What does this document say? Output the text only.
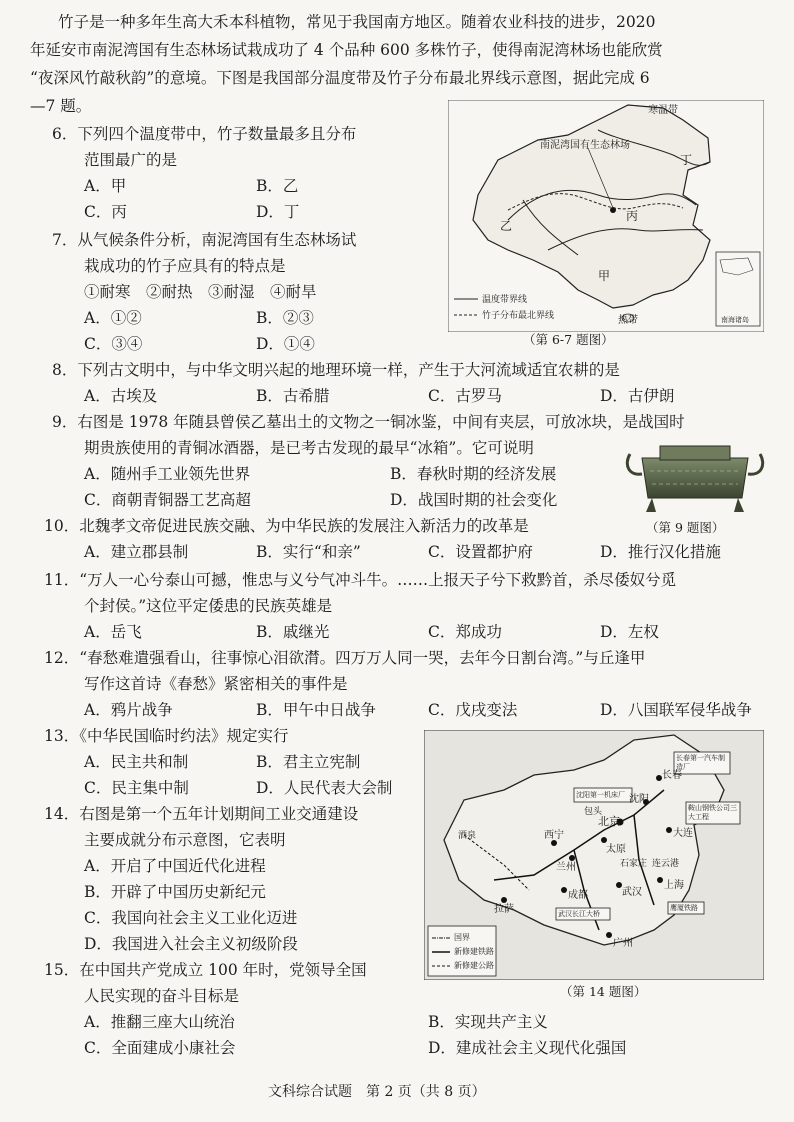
竹子是一种多年生高大禾本科植物，常见于我国南方地区。随着农业科技的进步，2020
年延安市南泥湾国有生态林场试栽成功了 4 个品种 600 多株竹子，使得南泥湾林场也能欣赏
“夜深风竹敲秋韵”的意境。下图是我国部分温度带及竹子分布最北界线示意图，据此完成 6
—7 题。
6．下列四个温度带中，竹子数量最多且分布
范围最广的是
A．甲	B．乙
C．丙	D．丁
7．从气候条件分析，南泥湾国有生态林场试
栽成功的竹子应具有的特点是
①耐寒　②耐热　③耐湿　④耐旱
A．①②	B．②③
C．③④	D．①④
寒温带
南泥湾国有生态林场
丁
乙
丙
甲
热带	南海诸岛
温度带界线
竹子分布最北界线
（第 6-7 题图）
8．下列古文明中，与中华文明兴起的地理环境一样，产生于大河流域适宜农耕的是
A．古埃及	B．古希腊	C．古罗马	D．古伊朗
9．右图是 1978 年随县曾侯乙墓出土的文物之一铜冰鉴，中间有夹层，可放冰块，是战国时
期贵族使用的青铜冰酒器，是已考古发现的最早“冰箱”。它可说明
A．随州手工业领先世界	B．春秋时期的经济发展
C．商朝青铜器工艺高超	D．战国时期的社会变化
（第 9 题图）
10．北魏孝文帝促进民族交融、为中华民族的发展注入新活力的改革是
A．建立郡县制	B．实行“和亲”	C．设置都护府	D．推行汉化措施
11．“万人一心兮泰山可撼，惟忠与义兮气冲斗牛。……上报天子兮下救黔首，杀尽倭奴兮觅
个封侯。”这位平定倭患的民族英雄是
A．岳飞	B．戚继光	C．郑成功	D．左权
12．“春愁难遣强看山，往事惊心泪欲潸。四万万人同一哭，去年今日割台湾。”与丘逢甲
写作这首诗《春愁》紧密相关的事件是
A．鸦片战争	B．甲午中日战争	C．戊戌变法	D．八国联军侵华战争
13．《中华民国临时约法》规定实行
A．民主共和制	B．君主立宪制
C．民主集中制	D．人民代表大会制
14．右图是第一个五年计划期间工业交通建设
主要成就分布示意图，它表明
A．开启了中国近代化进程
B．开辟了中国历史新纪元
C．我国向社会主义工业化迈进
D．我国进入社会主义初级阶段
长春
沈阳
北京
大连
西宁
兰州
太原
武汉
上海
拉萨
成都
广州
包头
连云港
石家庄
酒泉
长春第一汽车制造厂
沈阳第一机床厂
鞍山钢铁公司三大工程
武汉长江大桥
鹰厦铁路
国界
新修建铁路
新修建公路
（第 14 题图）
15．在中国共产党成立 100 年时，党领导全国
人民实现的奋斗目标是
A．推翻三座大山统治	B．实现共产主义
C．全面建成小康社会	D．建成社会主义现代化强国
文科综合试题　第 2 页（共 8 页）
